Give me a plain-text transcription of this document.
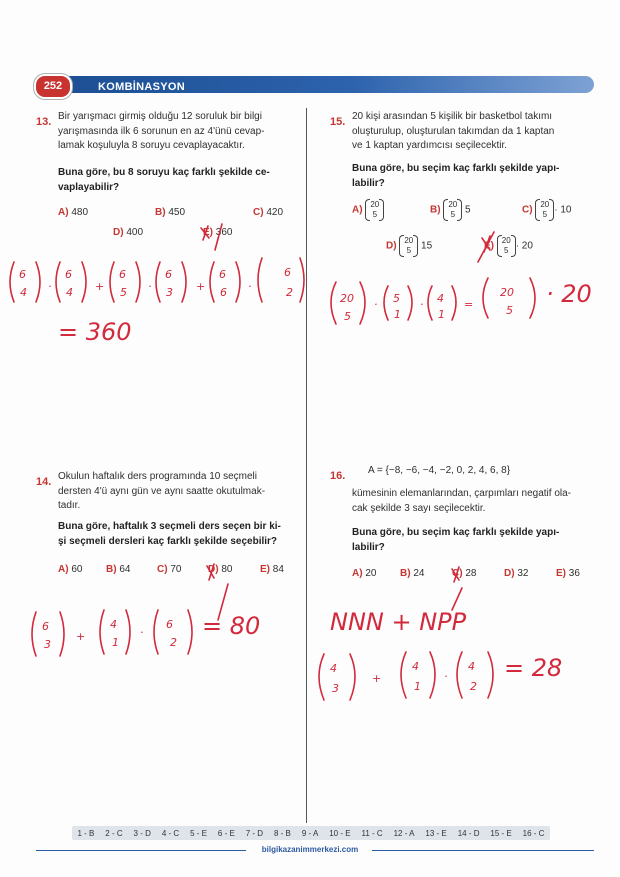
KOMBİNASYON
252
13. Bir yarışmacı girmiş olduğu 12 soruluk bir bilgi
yarışmasında ilk 6 sorunun en az 4'ünü cevap-
lamak koşuluyla 8 soruyu cevaplayacaktır.
Buna göre, bu 8 soruyu kaç farklı şekilde ce-
vaplayabilir?
A) 480	B) 450	C) 420
D) 400	E) 360
15. 20 kişi arasından 5 kişilik bir basketbol takımı
oluşturulup, oluşturulan takımdan da 1 kaptan
ve 1 kaptan yardımcısı seçilecektir.
Buna göre, bu seçim kaç farklı şekilde yapı-
labilir?
A)
20
5	B)
20
5 5	C)
20
5 · 10
D)
20
5 15	E)
20
5 · 20
14. Okulun haftalık ders programında 10 seçmeli
dersten 4'ü aynı gün ve aynı saatte okutulmak-
tadır.
Buna göre, haftalık 3 seçmeli ders seçen bir ki-
şi seçmeli dersleri kaç farklı şekilde seçebilir?
A) 60 B) 64	C) 70	D) 80	E) 84
16. A = {−8, −6, −4, −2, 0, 2, 4, 6, 8}
kümesinin elemanlarından, çarpımları negatif ola-
cak şekilde 3 sayı seçilecektir.
Buna göre, bu seçim kaç farklı şekilde yapı-
labilir?
A) 20 B) 24	C) 28	D) 32	E) 36
6
4 ·
6
4 +
6
5 ·
6
3 +
6
6 ·
6
2
= 360
20
5
· 5
1
· 4
1
=
20
5
· 20
6
3
+
4
1
·
6
2
= 80	NNN + NPP
4
3
+
4
1
·
4
2
= 28
1 - B 2 - C 3 - D 4 - C 5 - E 6 - E 7 - D 8 - B 9 - A 10 - E 11 - C 12 - A 13 - E 14 - D 15 - E 16 - C
bilgikazanimmerkezi.com
